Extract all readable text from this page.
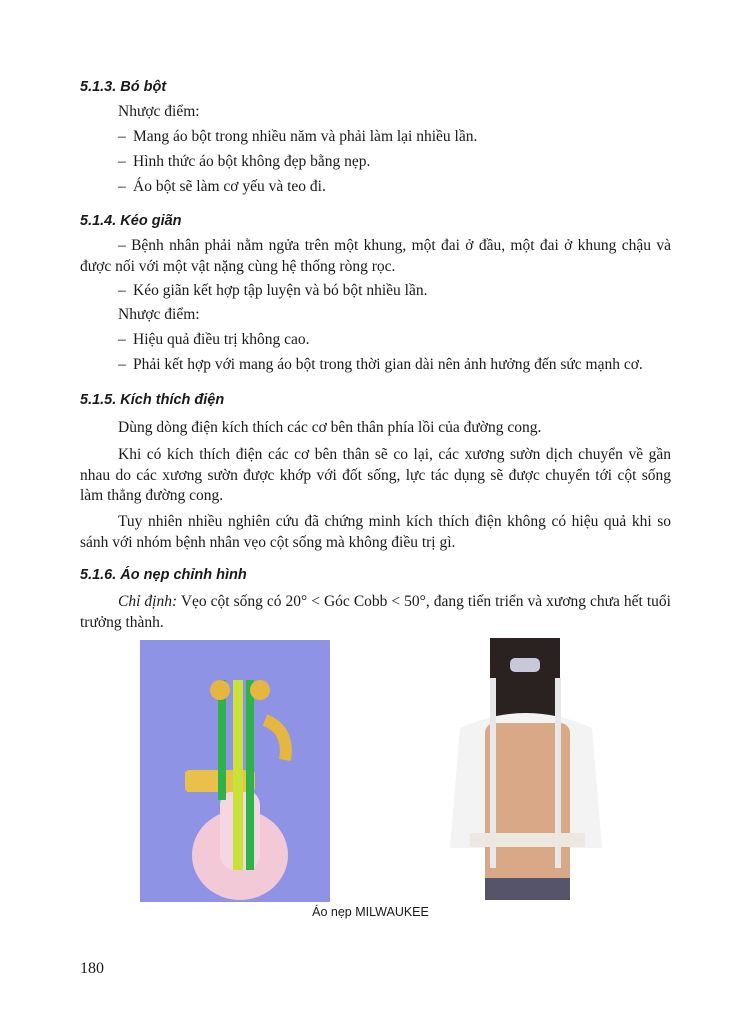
5.1.3. Bó bột
Nhược điểm:
– Mang áo bột trong nhiều năm và phải làm lại nhiều lần.
– Hình thức áo bột không đẹp bằng nẹp.
– Áo bột sẽ làm cơ yếu và teo đi.
5.1.4. Kéo giãn
– Bệnh nhân phải nằm ngửa trên một khung, một đai ở đầu, một đai ở khung chậu và được nối với một vật nặng cùng hệ thống ròng rọc.
– Kéo giãn kết hợp tập luyện và bó bột nhiều lần.
Nhược điểm:
– Hiệu quả điều trị không cao.
– Phải kết hợp với mang áo bột trong thời gian dài nên ảnh hưởng đến sức mạnh cơ.
5.1.5. Kích thích điện
Dùng dòng điện kích thích các cơ bên thân phía lồi của đường cong.
Khi có kích thích điện các cơ bên thân sẽ co lại, các xương sườn dịch chuyển về gần nhau do các xương sườn được khớp với đốt sống, lực tác dụng sẽ được chuyển tới cột sống làm thẳng đường cong.
Tuy nhiên nhiều nghiên cứu đã chứng minh kích thích điện không có hiệu quả khi so sánh với nhóm bệnh nhân vẹo cột sống mà không điều trị gì.
5.1.6. Áo nẹp chỉnh hình
Chỉ định: Vẹo cột sống có 20° < Góc Cobb < 50°, đang tiến triển và xương chưa hết tuổi trưởng thành.
Áo nẹp MILWAUKEE
180
